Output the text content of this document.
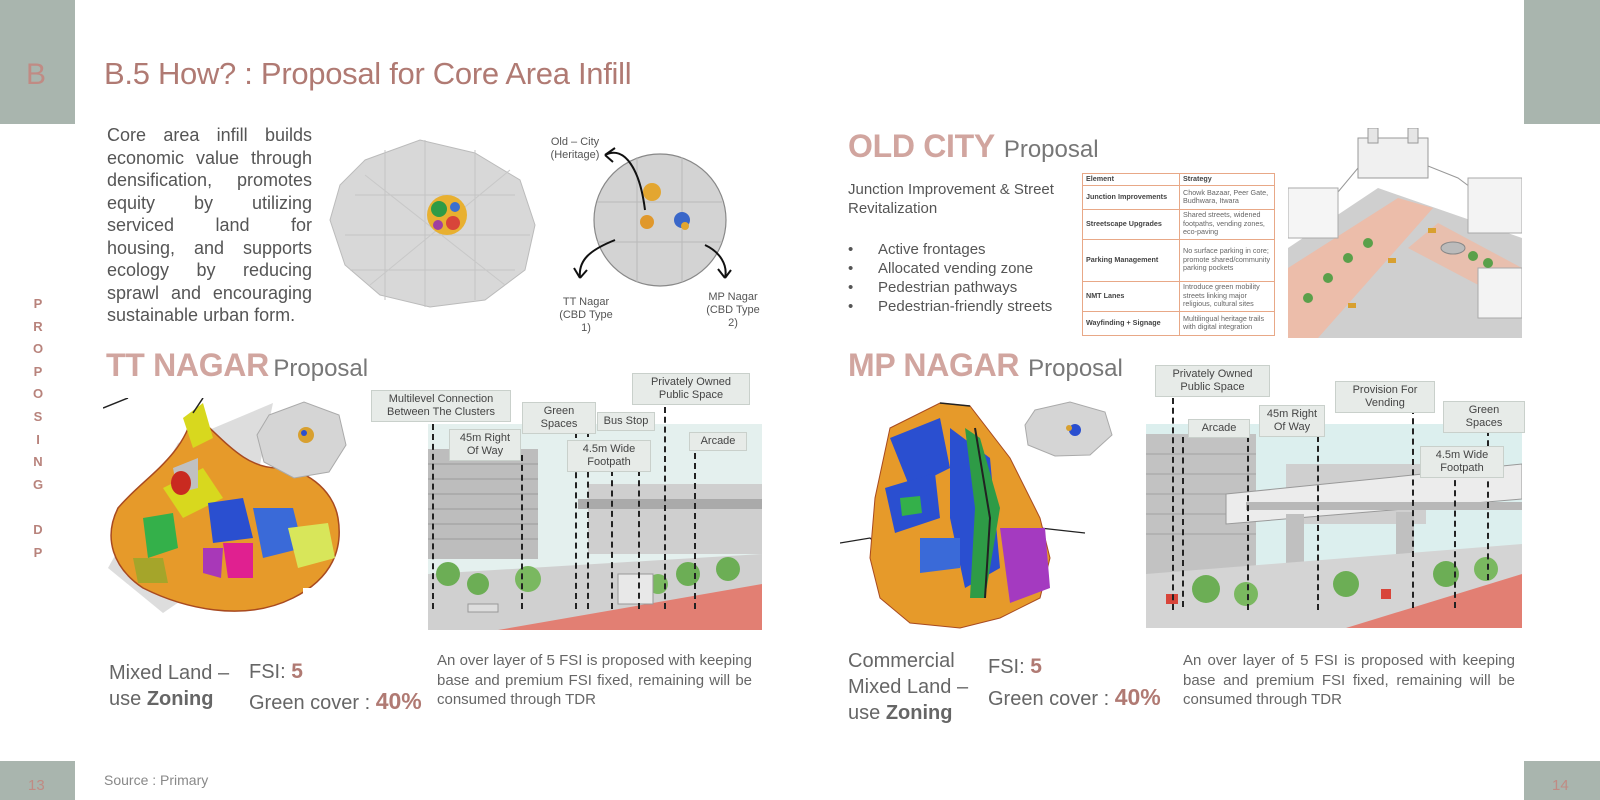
B
13	14
P
R
O
P
O
S
I
N
G
D
P
B.5 How? : Proposal for Core Area Infill
Core area infill builds economic value through densification, promotes equity by utilizing serviced land for housing, and supports ecology by reducing sprawl and encouraging sustainable urban form.
Old – City (Heritage)
TT Nagar (CBD Type 1)
MP Nagar (CBD Type 2)
OLD CITY Proposal
Junction Improvement & Street Revitalization
• Active frontages
• Allocated vending zone
• Pedestrian pathways
• Pedestrian-friendly streets
Element	Strategy
Junction Improvements	Chowk Bazaar, Peer Gate, Budhwara, Itwara
Streetscape Upgrades	Shared streets, widened footpaths, vending zones, eco-paving
Parking Management	No surface parking in core; promote shared/community parking pockets
NMT Lanes	Introduce green mobility streets linking major religious, cultural sites
Wayfinding + Signage	Multilingual heritage trails with digital integration
TT NAGAR Proposal
Multilevel Connection Between The Clusters
45m Right Of Way
Green Spaces	Bus Stop
4.5m Wide Footpath
Privately Owned Public Space
Arcade
Mixed Land –
use Zoning
FSI: 5
Green cover : 40%
An over layer of 5 FSI is proposed with keeping base and premium FSI fixed, remaining will be consumed through TDR
MP NAGAR Proposal	Privately Owned Public Space
Arcade
45m Right Of Way
Provision For Vending
Green Spaces
4.5m Wide Footpath
Commercial
Mixed Land –
use Zoning
FSI: 5
Green cover : 40%
An over layer of 5 FSI is proposed with keeping base and premium FSI fixed, remaining will be consumed through TDR
Source : Primary
